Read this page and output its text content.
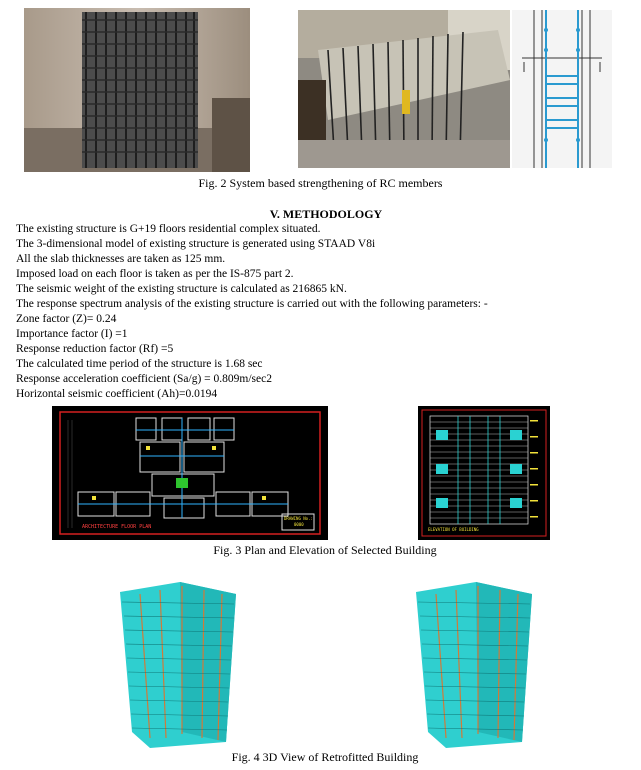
Fig. 2 System based strengthening of RC members
V. METHODOLOGY
The existing structure is G+19 floors residential complex situated.
The 3-dimensional model of existing structure is generated using STAAD V8i
All the slab thicknesses are taken as 125 mm.
Imposed load on each floor is taken as per the IS-875 part 2.
The seismic weight of the existing structure is calculated as 216865 kN.
The response spectrum analysis of the existing structure is carried out with the following parameters: -
Zone factor (Z)= 0.24
Importance factor (I) =1
Response reduction factor (Rf) =5
The calculated time period of the structure is 1.68 sec
Response acceleration coefficient (Sa/g) = 0.809m/sec2
Horizontal seismic coefficient (Ah)=0.0194
ARCHITECTURE FLOOR PLAN
DRAWING No.:
0000
ELEVATION OF BUILDING
Fig. 3 Plan and Elevation of Selected Building
Fig. 4 3D View of Retrofitted Building
